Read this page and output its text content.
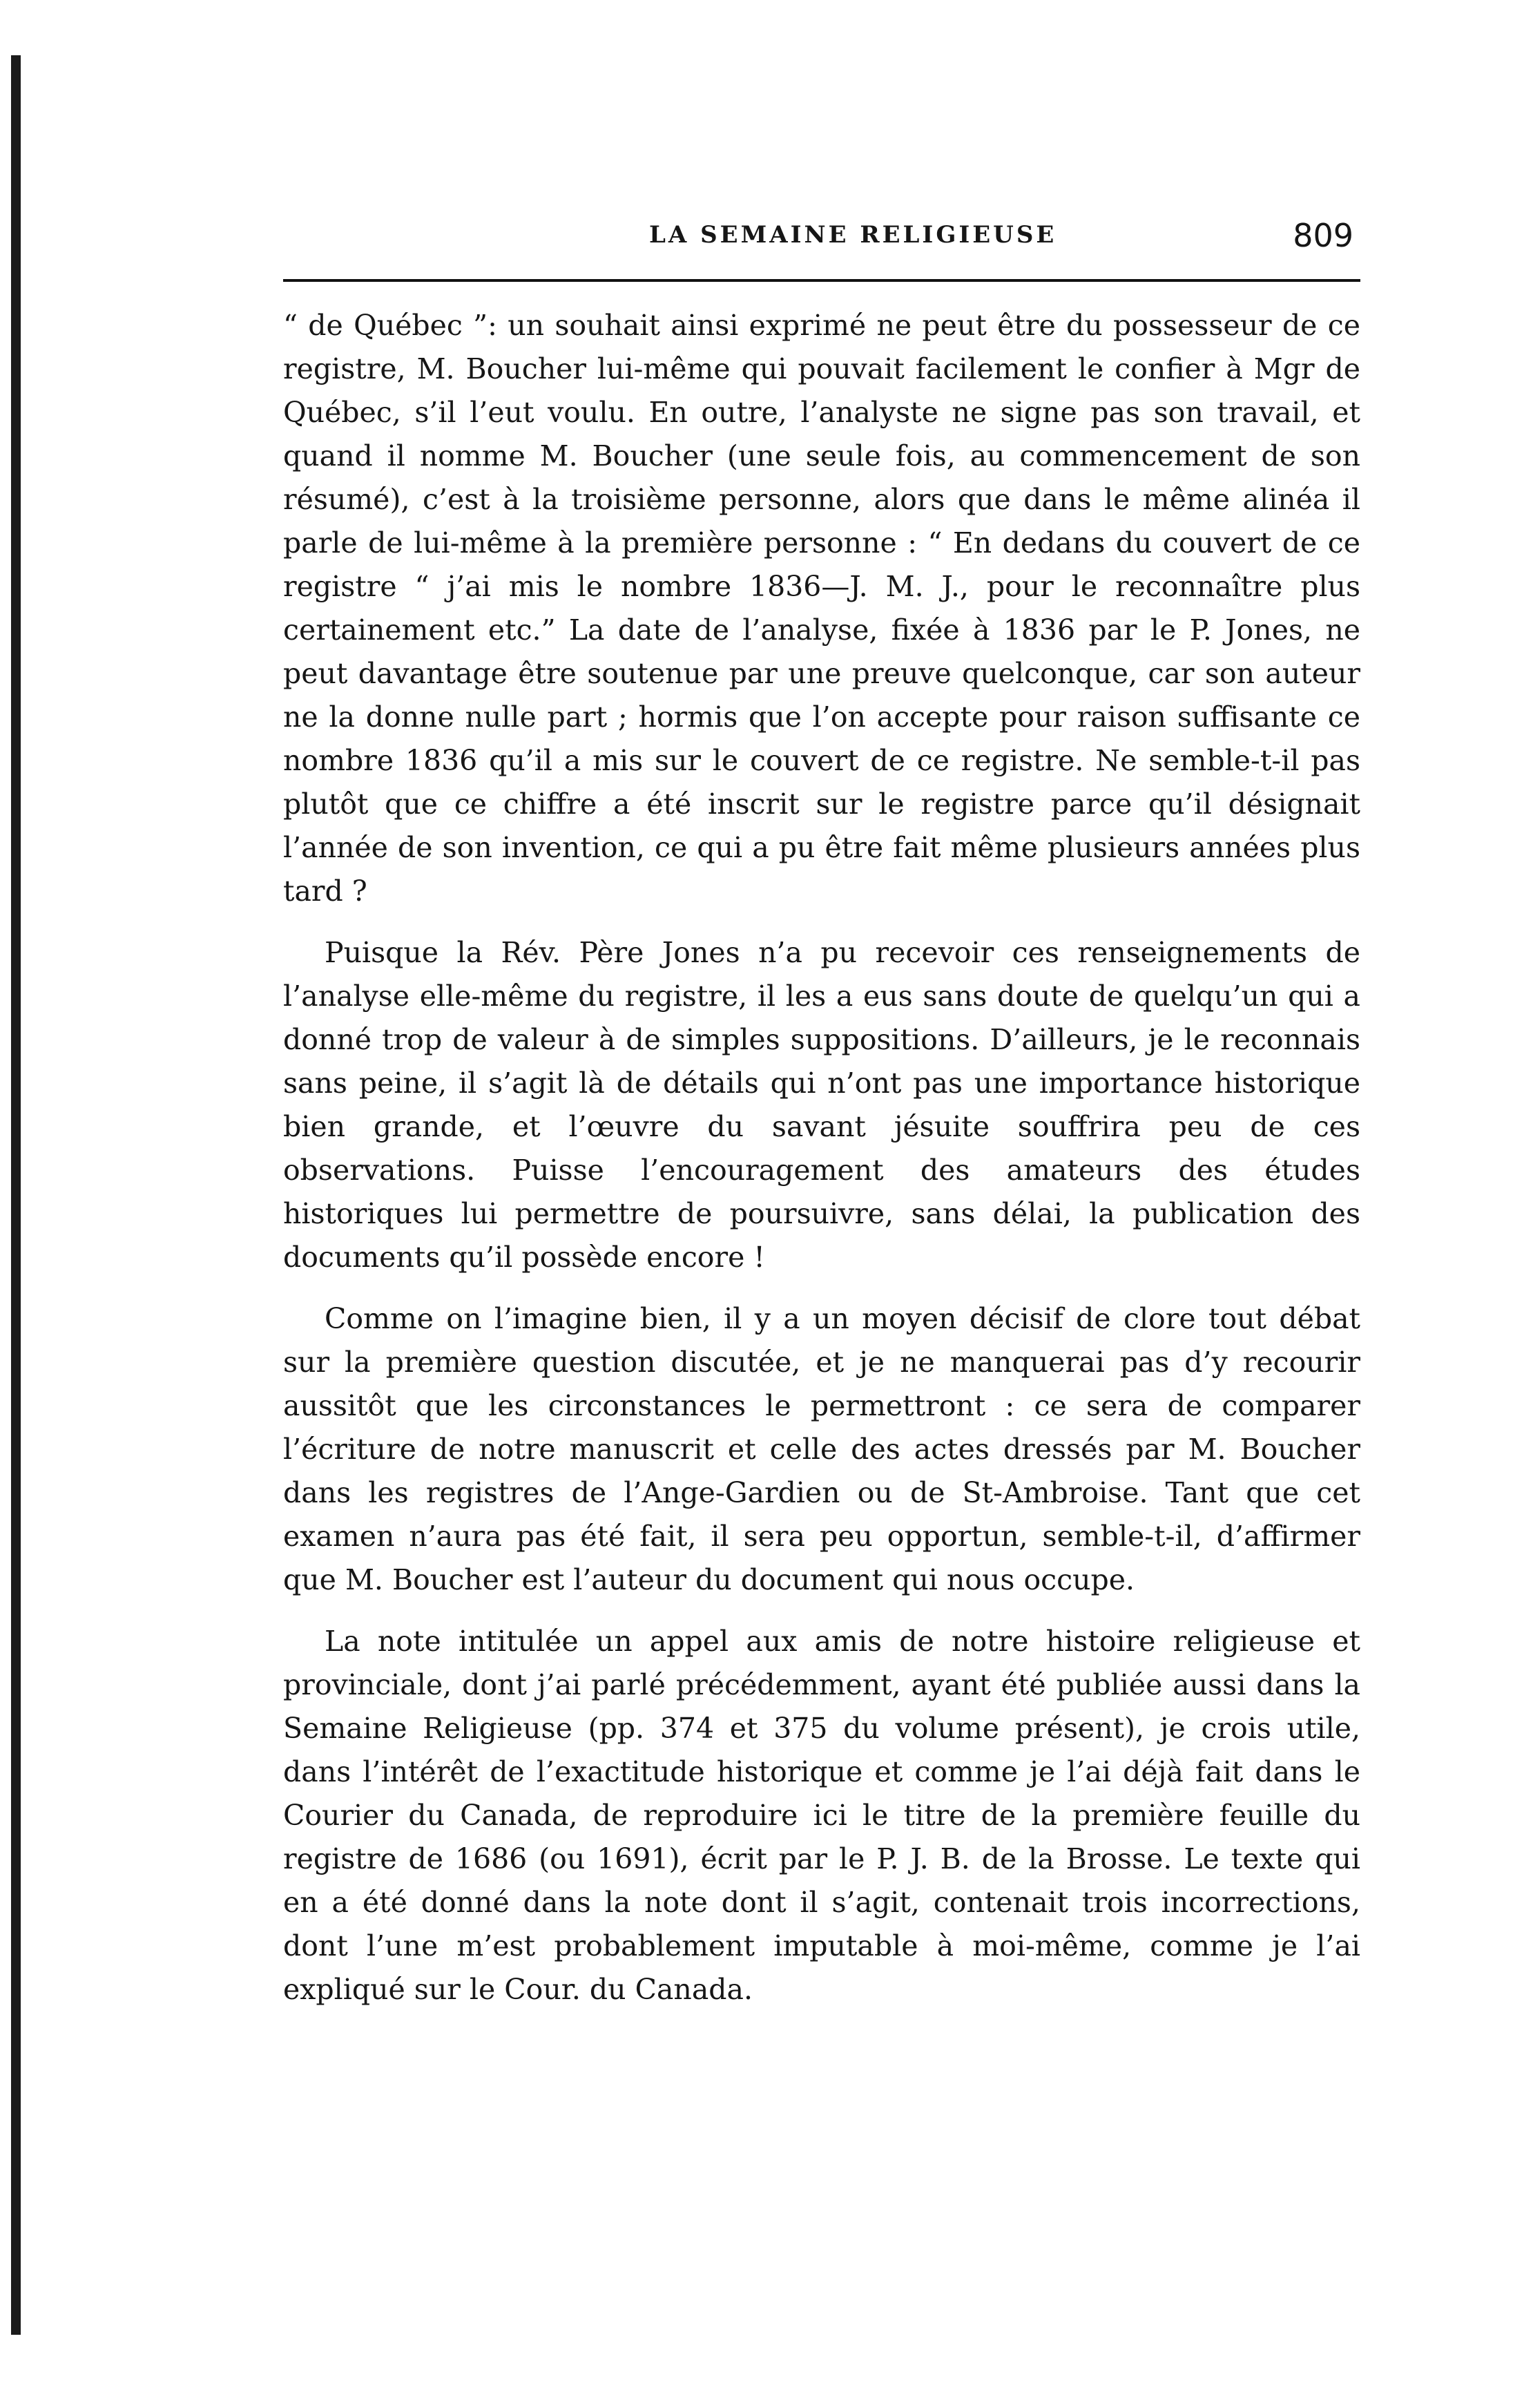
LA SEMAINE RELIGIEUSE	809

“ de Québec ”: un souhait ainsi exprimé ne peut être du possesseur de ce registre, M. Boucher lui-même qui pouvait facilement le confier à Mgr de Québec, s’il l’eut voulu. En outre, l’analyste ne signe pas son travail, et quand il nomme M. Boucher (une seule fois, au commencement de son résumé), c’est à la troisième personne, alors que dans le même alinéa il parle de lui-même à la première personne : “ En dedans du couvert de ce registre “ j’ai mis le nombre 1836—J. M. J., pour le reconnaître plus certainement etc.” La date de l’analyse, fixée à 1836 par le P. Jones, ne peut davantage être soutenue par une preuve quelconque, car son auteur ne la donne nulle part ; hormis que l’on accepte pour raison suffisante ce nombre 1836 qu’il a mis sur le couvert de ce registre. Ne semble-t-il pas plutôt que ce chiffre a été inscrit sur le registre parce qu’il désignait l’année de son invention, ce qui a pu être fait même plusieurs années plus tard ?

Puisque la Rév. Père Jones n’a pu recevoir ces renseignements de l’analyse elle-même du registre, il les a eus sans doute de quelqu’un qui a donné trop de valeur à de simples suppositions. D’ailleurs, je le reconnais sans peine, il s’agit là de détails qui n’ont pas une importance historique bien grande, et l’œuvre du savant jésuite souffrira peu de ces observations. Puisse l’encouragement des amateurs des études historiques lui permettre de poursuivre, sans délai, la publication des documents qu’il possède encore !

Comme on l’imagine bien, il y a un moyen décisif de clore tout débat sur la première question discutée, et je ne manquerai pas d’y recourir aussitôt que les circonstances le permettront : ce sera de comparer l’écriture de notre manuscrit et celle des actes dressés par M. Boucher dans les registres de l’Ange-Gardien ou de St-Ambroise. Tant que cet examen n’aura pas été fait, il sera peu opportun, semble-t-il, d’affirmer que M. Boucher est l’auteur du document qui nous occupe.

La note intitulée un appel aux amis de notre histoire religieuse et provinciale, dont j’ai parlé précédemment, ayant été publiée aussi dans la Semaine Religieuse (pp. 374 et 375 du volume présent), je crois utile, dans l’intérêt de l’exactitude historique et comme je l’ai déjà fait dans le Courier du Canada, de reproduire ici le titre de la première feuille du registre de 1686 (ou 1691), écrit par le P. J. B. de la Brosse. Le texte qui en a été donné dans la note dont il s’agit, contenait trois incorrections, dont l’une m’est probablement imputable à moi-même, comme je l’ai expliqué sur le Cour. du Canada.
